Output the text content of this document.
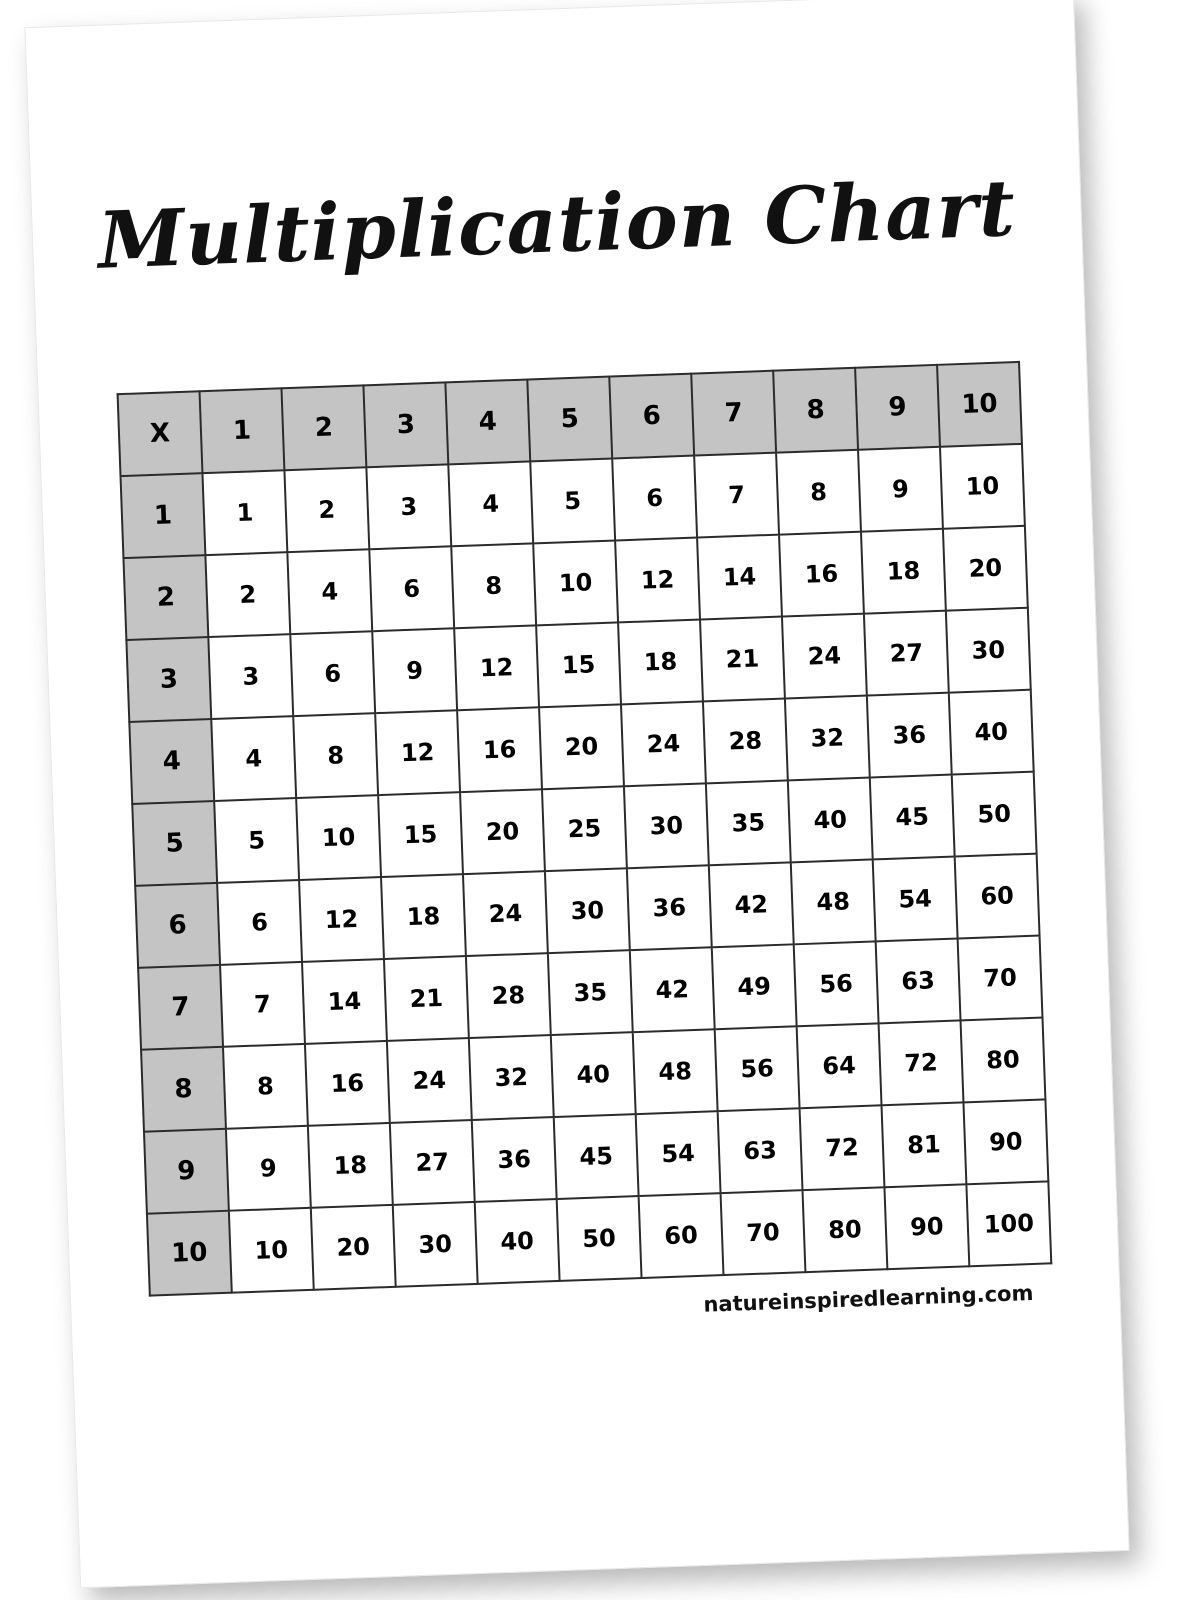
Multiplication Chart
X	1	2	3	4	5	6	7	8	9	10
1	1	2	3	4	5	6	7	8	9	10
2	2	4	6	8	10	12	14	16	18	20
3	3	6	9	12	15	18	21	24	27	30
4	4	8	12	16	20	24	28	32	36	40
5	5	10	15	20	25	30	35	40	45	50
6	6	12	18	24	30	36	42	48	54	60
7	7	14	21	28	35	42	49	56	63	70
8	8	16	24	32	40	48	56	64	72	80
9	9	18	27	36	45	54	63	72	81	90
10	10	20	30	40	50	60	70	80	90	100
natureinspiredlearning.com
